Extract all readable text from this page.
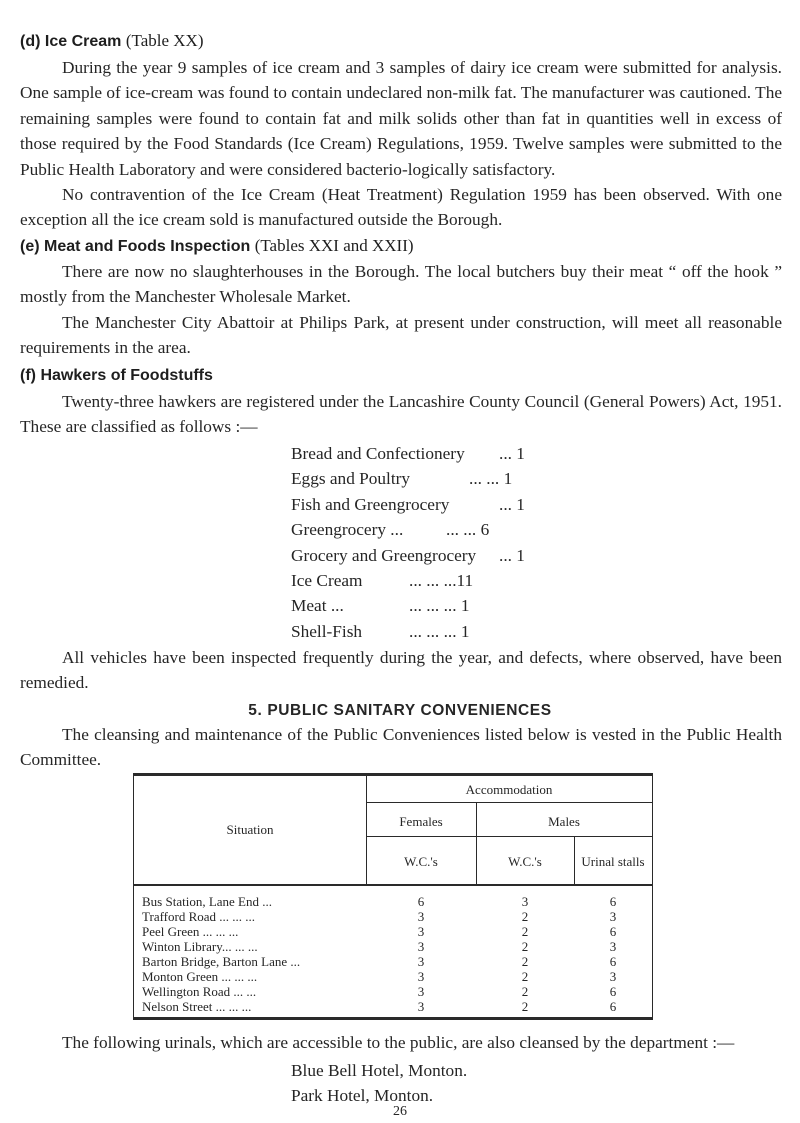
(d) Ice Cream (Table XX)

During the year 9 samples of ice cream and 3 samples of dairy ice cream were submitted for analysis. One sample of ice-cream was found to contain undeclared non-milk fat. The manufacturer was cautioned. The remaining samples were found to contain fat and milk solids other than fat in quantities well in excess of those required by the Food Standards (Ice Cream) Regulations, 1959. Twelve samples were submitted to the Public Health Laboratory and were considered bacterio-logically satisfactory.

No contravention of the Ice Cream (Heat Treatment) Regulation 1959 has been observed. With one exception all the ice cream sold is manufactured outside the Borough.

(e) Meat and Foods Inspection (Tables XXI and XXII)

There are now no slaughterhouses in the Borough. The local butchers buy their meat “ off the hook ” mostly from the Manchester Wholesale Market.

The Manchester City Abattoir at Philips Park, at present under construction, will meet all reasonable requirements in the area.

(f) Hawkers of Foodstuffs

Twenty-three hawkers are registered under the Lancashire County Council (General Powers) Act, 1951. These are classified as follows :—

Bread and Confectionery ... 1
Eggs and Poultry	... ... 1
Fish and Greengrocery	... 1
Greengrocery ... ... ... 6
Grocery and Greengrocery ... 1
Ice Cream	... ... ...11
Meat ...	... ... ... 1
Shell-Fish	... ... ... 1

All vehicles have been inspected frequently during the year, and defects, where observed, have been remedied.

5. PUBLIC SANITARY CONVENIENCES

The cleansing and maintenance of the Public Conveniences listed below is vested in the Public Health Committee.

Situation
Accommodation
Females	Males
W.C.'s	W.C.'s	Urinal stalls
Bus Station, Lane End ...	6	3	6
Trafford Road ... ... ...	3	2	3
Peel Green ... ... ...	3	2	6
Winton Library... ... ...	3	2	3
Barton Bridge, Barton Lane ...	3	2	6
Monton Green ... ... ...	3	2	3
Wellington Road ... ...	3	2	6
Nelson Street ... ... ...	3	2	6

The following urinals, which are accessible to the public, are also cleansed by the department :—

Blue Bell Hotel, Monton.
Park Hotel, Monton.
26
